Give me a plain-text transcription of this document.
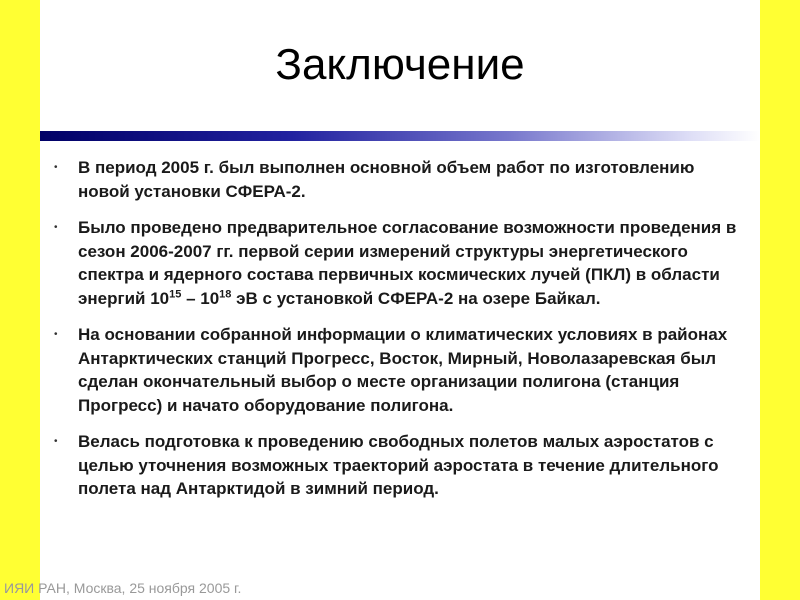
Заключение
• В период 2005 г. был выполнен основной объем работ по изготовлению новой установки СФЕРА-2.
• Было проведено предварительное согласование возможности проведения в сезон 2006-2007 гг. первой серии измерений структуры энергетического спектра и ядерного состава первичных космических лучей (ПКЛ) в области энергий $10^{15} - 10^{18}$ эВ с установкой СФЕРА-2 на озере Байкал.
• На основании собранной информации о климатических условиях в районах Антарктических станций Прогресс, Восток, Мирный, Новолазаревская был сделан окончательный выбор о месте организации полигона (станция Прогресс) и начато оборудование полигона.
• Велась подготовка к проведению свободных полетов малых аэростатов с целью уточнения возможных траекторий аэростата в течение длительного полета над Антарктидой в зимний период.
ИЯИ РАН, Москва, 25 ноября 2005 г.
